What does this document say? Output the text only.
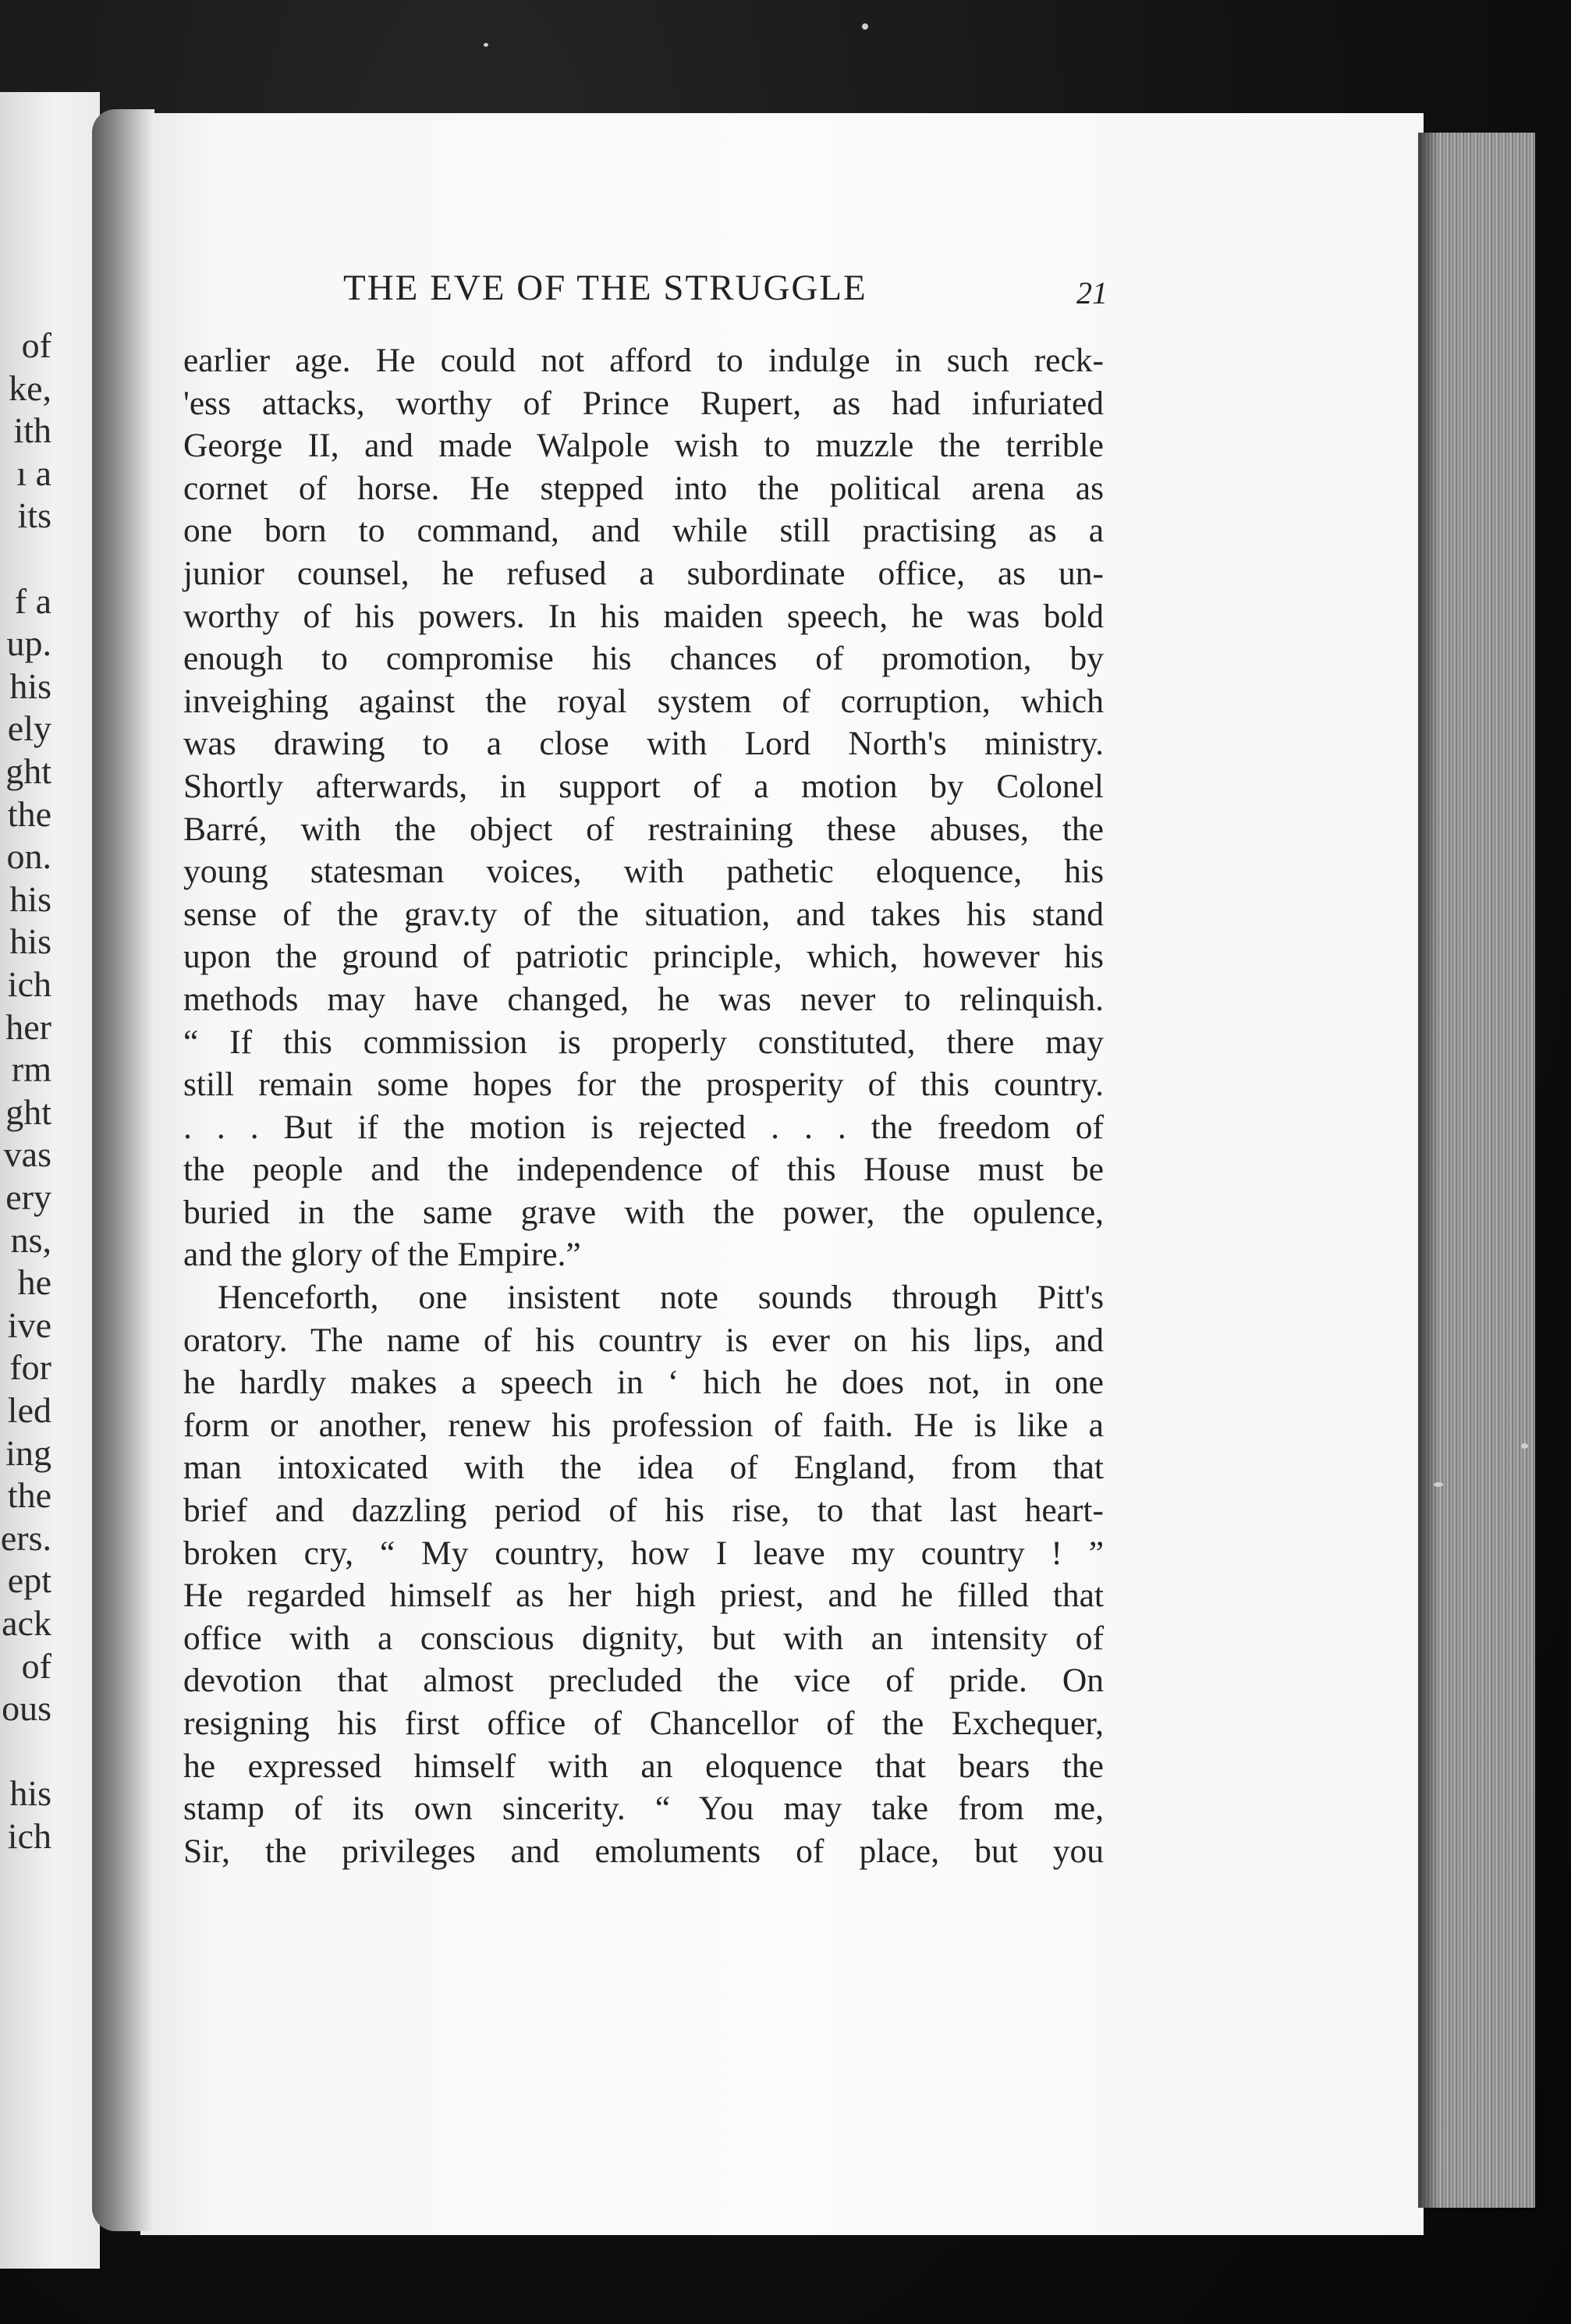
of
ke,
ith
ı a
its
f a
up.
his
ely
ght
the
on.
his
his
ich
her
rm
ght
vas
ery
ns,
he
ive
for
led
ing
the
ers.
ept
ack
of
ous
his
ich
THE EVE OF THE STRUGGLE	21
earlier age. He could not afford to indulge in such reck-
'ess attacks, worthy of Prince Rupert, as had infuriated
George II, and made Walpole wish to muzzle the terrible
cornet of horse. He stepped into the political arena as
one born to command, and while still practising as a
junior counsel, he refused a subordinate office, as un-
worthy of his powers. In his maiden speech, he was bold
enough to compromise his chances of promotion, by
inveighing against the royal system of corruption, which
was drawing to a close with Lord North's ministry.
Shortly afterwards, in support of a motion by Colonel
Barré, with the object of restraining these abuses, the
young statesman voices, with pathetic eloquence, his
sense of the grav.ty of the situation, and takes his stand
upon the ground of patriotic principle, which, however his
methods may have changed, he was never to relinquish.
“ If this commission is properly constituted, there may
still remain some hopes for the prosperity of this country.
. . . But if the motion is rejected . . . the freedom of
the people and the independence of this House must be
buried in the same grave with the power, the opulence,
and the glory of the Empire.”
Henceforth, one insistent note sounds through Pitt's
oratory. The name of his country is ever on his lips, and
he hardly makes a speech in ʻ hich he does not, in one
form or another, renew his profession of faith. He is like a
man intoxicated with the idea of England, from that
brief and dazzling period of his rise, to that last heart-
broken cry, “ My country, how I leave my country ! ”
He regarded himself as her high priest, and he filled that
office with a conscious dignity, but with an intensity of
devotion that almost precluded the vice of pride. On
resigning his first office of Chancellor of the Exchequer,
he expressed himself with an eloquence that bears the
stamp of its own sincerity. “ You may take from me,
Sir, the privileges and emoluments of place, but you
